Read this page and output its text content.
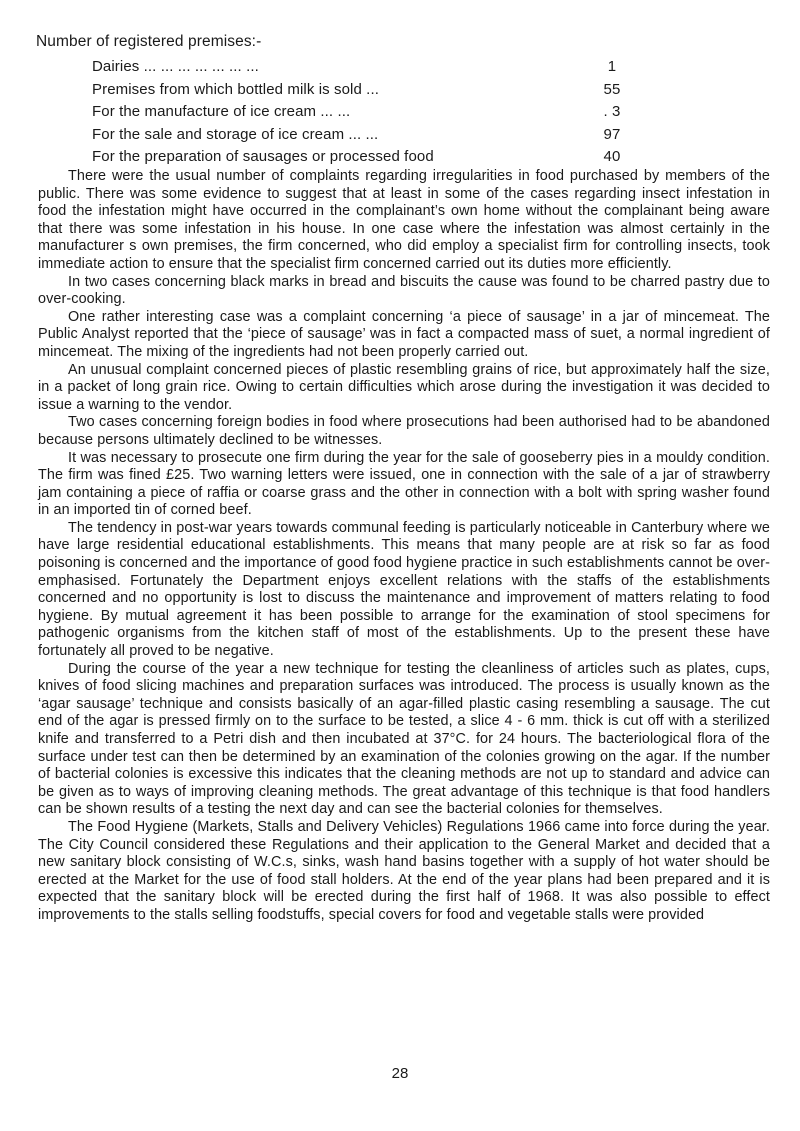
Number of registered premises:-
Dairies ... ... ... ... ... ... ...	1
Premises from which bottled milk is sold ...	55
For the manufacture of ice cream ... ...	. 3
For the sale and storage of ice cream ... ...	97
For the preparation of sausages or processed food	40

There were the usual number of complaints regarding irregularities in food purchased by members of the public. There was some evidence to suggest that at least in some of the cases regarding insect infestation in food the infestation might have occurred in the complainant’s own home without the complainant being aware that there was some infestation in his house. In one case where the infestation was almost certainly in the manufacturer s own premises, the firm concerned, who did employ a specialist firm for controlling insects, took immediate action to ensure that the specialist firm concerned carried out its duties more efficiently.

In two cases concerning black marks in bread and biscuits the cause was found to be charred pastry due to over-cooking.

One rather interesting case was a complaint concerning ‘a piece of sausage’ in a jar of mincemeat. The Public Analyst reported that the ‘piece of sausage’ was in fact a compacted mass of suet, a normal ingredient of mincemeat. The mixing of the ingredients had not been properly carried out.

An unusual complaint concerned pieces of plastic resembling grains of rice, but approximately half the size, in a packet of long grain rice. Owing to certain difficulties which arose during the investigation it was decided to issue a warning to the vendor.

Two cases concerning foreign bodies in food where prosecutions had been authorised had to be abandoned because persons ultimately declined to be witnesses.

It was necessary to prosecute one firm during the year for the sale of gooseberry pies in a mouldy condition. The firm was fined £25. Two warning letters were issued, one in connection with the sale of a jar of strawberry jam containing a piece of raffia or coarse grass and the other in connection with a bolt with spring washer found in an imported tin of corned beef.

The tendency in post-war years towards communal feeding is particularly noticeable in Canterbury where we have large residential educational establishments. This means that many people are at risk so far as food poisoning is concerned and the importance of good food hygiene practice in such establishments cannot be over-emphasised. Fortunately the Department enjoys excellent relations with the staffs of the establishments concerned and no opportunity is lost to discuss the maintenance and improvement of matters relating to food hygiene. By mutual agreement it has been possible to arrange for the examination of stool specimens for pathogenic organisms from the kitchen staff of most of the establishments. Up to the present these have fortunately all proved to be negative.

During the course of the year a new technique for testing the cleanliness of articles such as plates, cups, knives of food slicing machines and preparation surfaces was introduced. The process is usually known as the ‘agar sausage’ technique and consists basically of an agar-filled plastic casing resembling a sausage. The cut end of the agar is pressed firmly on to the surface to be tested, a slice 4 - 6 mm. thick is cut off with a sterilized knife and transferred to a Petri dish and then incubated at 37°C. for 24 hours. The bacteriological flora of the surface under test can then be determined by an examination of the colonies growing on the agar. If the number of bacterial colonies is excessive this indicates that the cleaning methods are not up to standard and advice can be given as to ways of improving cleaning methods. The great advantage of this technique is that food handlers can be shown results of a testing the next day and can see the bacterial colonies for themselves.

The Food Hygiene (Markets, Stalls and Delivery Vehicles) Regulations 1966 came into force during the year. The City Council considered these Regulations and their application to the General Market and decided that a new sanitary block consisting of W.C.s, sinks, wash hand basins together with a supply of hot water should be erected at the Market for the use of food stall holders. At the end of the year plans had been prepared and it is expected that the sanitary block will be erected during the first half of 1968. It was also possible to effect improvements to the stalls selling foodstuffs, special covers for food and vegetable stalls were provided

28
